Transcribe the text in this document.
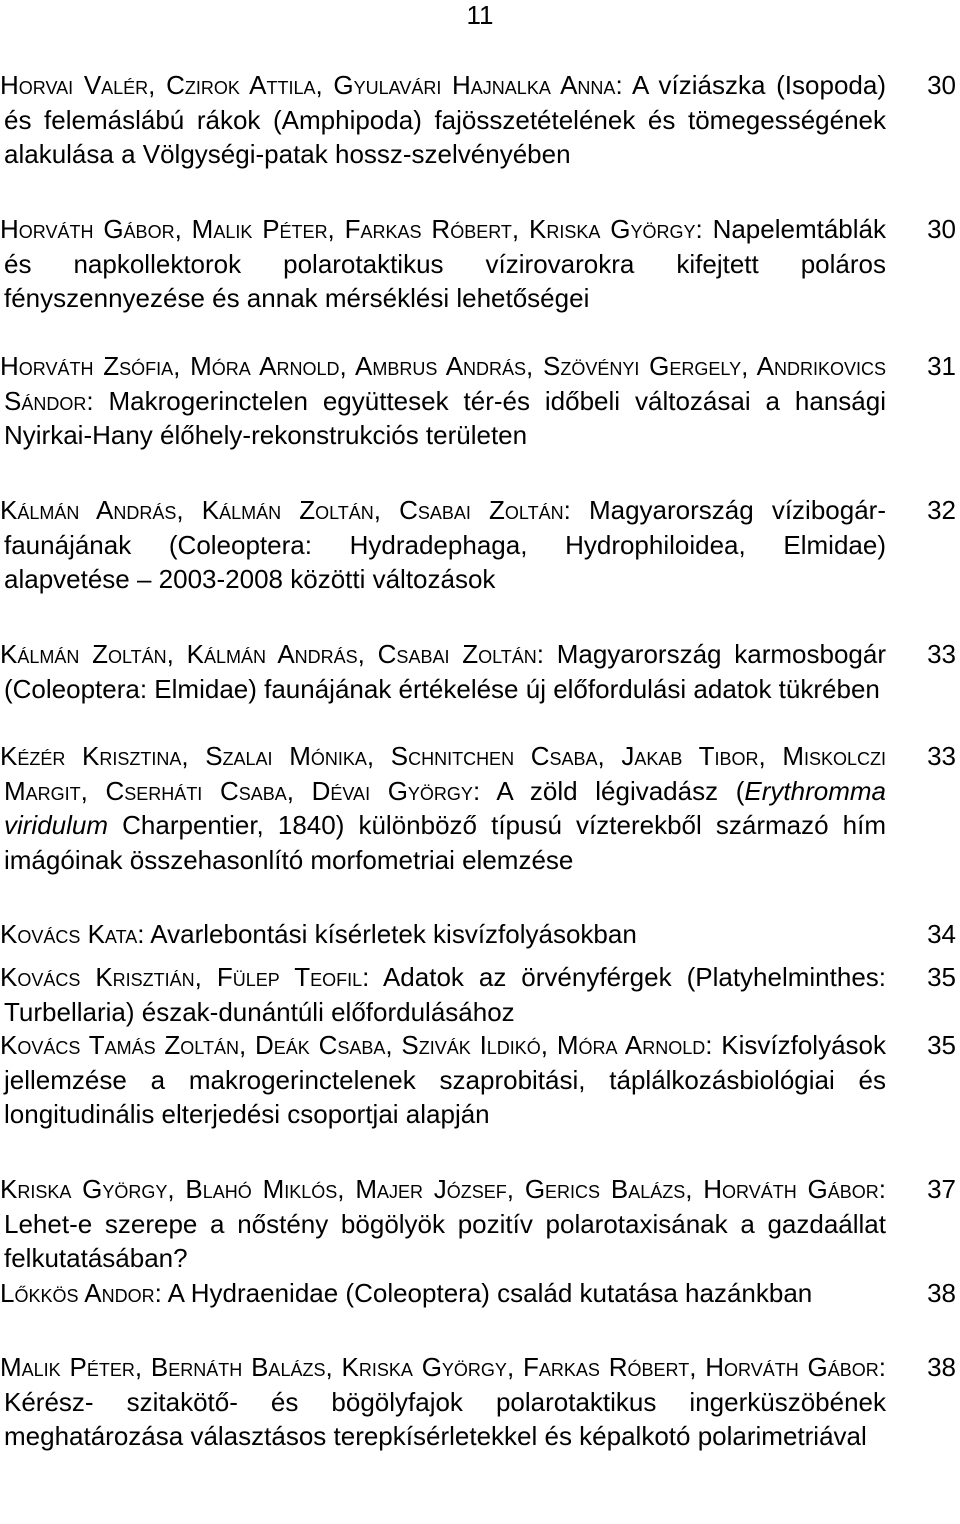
11
Horvai Valér, Czirok Attila, Gyulavári Hajnalka Anna: A víziászka (Isopoda) és felemáslábú rákok (Amphipoda) fajösszetételének és tömegességének alakulása a Völgységi-patak hossz-szelvényében
30
Horváth Gábor, Malik Péter, Farkas Róbert, Kriska György: Napelemtáblák és napkollektorok polarotaktikus vízirovarokra kifejtett poláros fényszennyezése és annak mérséklési lehetőségei
30
Horváth Zsófia, Móra Arnold, Ambrus András, Szövényi Gergely, Andrikovics Sándor: Makrogerinctelen együttesek tér-és időbeli változásai a hansági Nyirkai-Hany élőhely-rekonstrukciós területen
31
Kálmán András, Kálmán Zoltán, Csabai Zoltán: Magyarország vízibogár-faunájának (Coleoptera: Hydradephaga, Hydrophiloidea, Elmidae) alapvetése – 2003-2008 közötti változások
32
Kálmán Zoltán, Kálmán András, Csabai Zoltán: Magyarország karmosbogár (Coleoptera: Elmidae) faunájának értékelése új előfordulási adatok tükrében
33
Kézér Krisztina, Szalai Mónika, Schnitchen Csaba, Jakab Tibor, Miskolczi Margit, Cserháti Csaba, Dévai György: A zöld légivadász (Erythromma viridulum Charpentier, 1840) különböző típusú vízterekből származó hím imágóinak összehasonlító morfometriai elemzése
33
Kovács Kata: Avarlebontási kísérletek kisvízfolyásokban	34
Kovács Krisztián, Fülep Teofil: Adatok az örvényférgek (Platyhelminthes: Turbellaria) észak-dunántúli előfordulásához
35
Kovács Tamás Zoltán, Deák Csaba, Szivák Ildikó, Móra Arnold: Kisvízfolyások jellemzése a makrogerinctelenek szaprobitási, táplálkozásbiológiai és longitudinális elterjedési csoportjai alapján
35
Kriska György, Blahó Miklós, Majer József, Gerics Balázs, Horváth Gábor: Lehet-e szerepe a nőstény bögölyök pozitív polarotaxisának a gazdaállat felkutatásában?
37
Lőkkös Andor: A Hydraenidae (Coleoptera) család kutatása hazánkban	38
Malik Péter, Bernáth Balázs, Kriska György, Farkas Róbert, Horváth Gábor: Kérész- szitakötő- és bögölyfajok polarotaktikus ingerküszöbének meghatározása választásos terepkísérletekkel és képalkotó polarimetriával
38
